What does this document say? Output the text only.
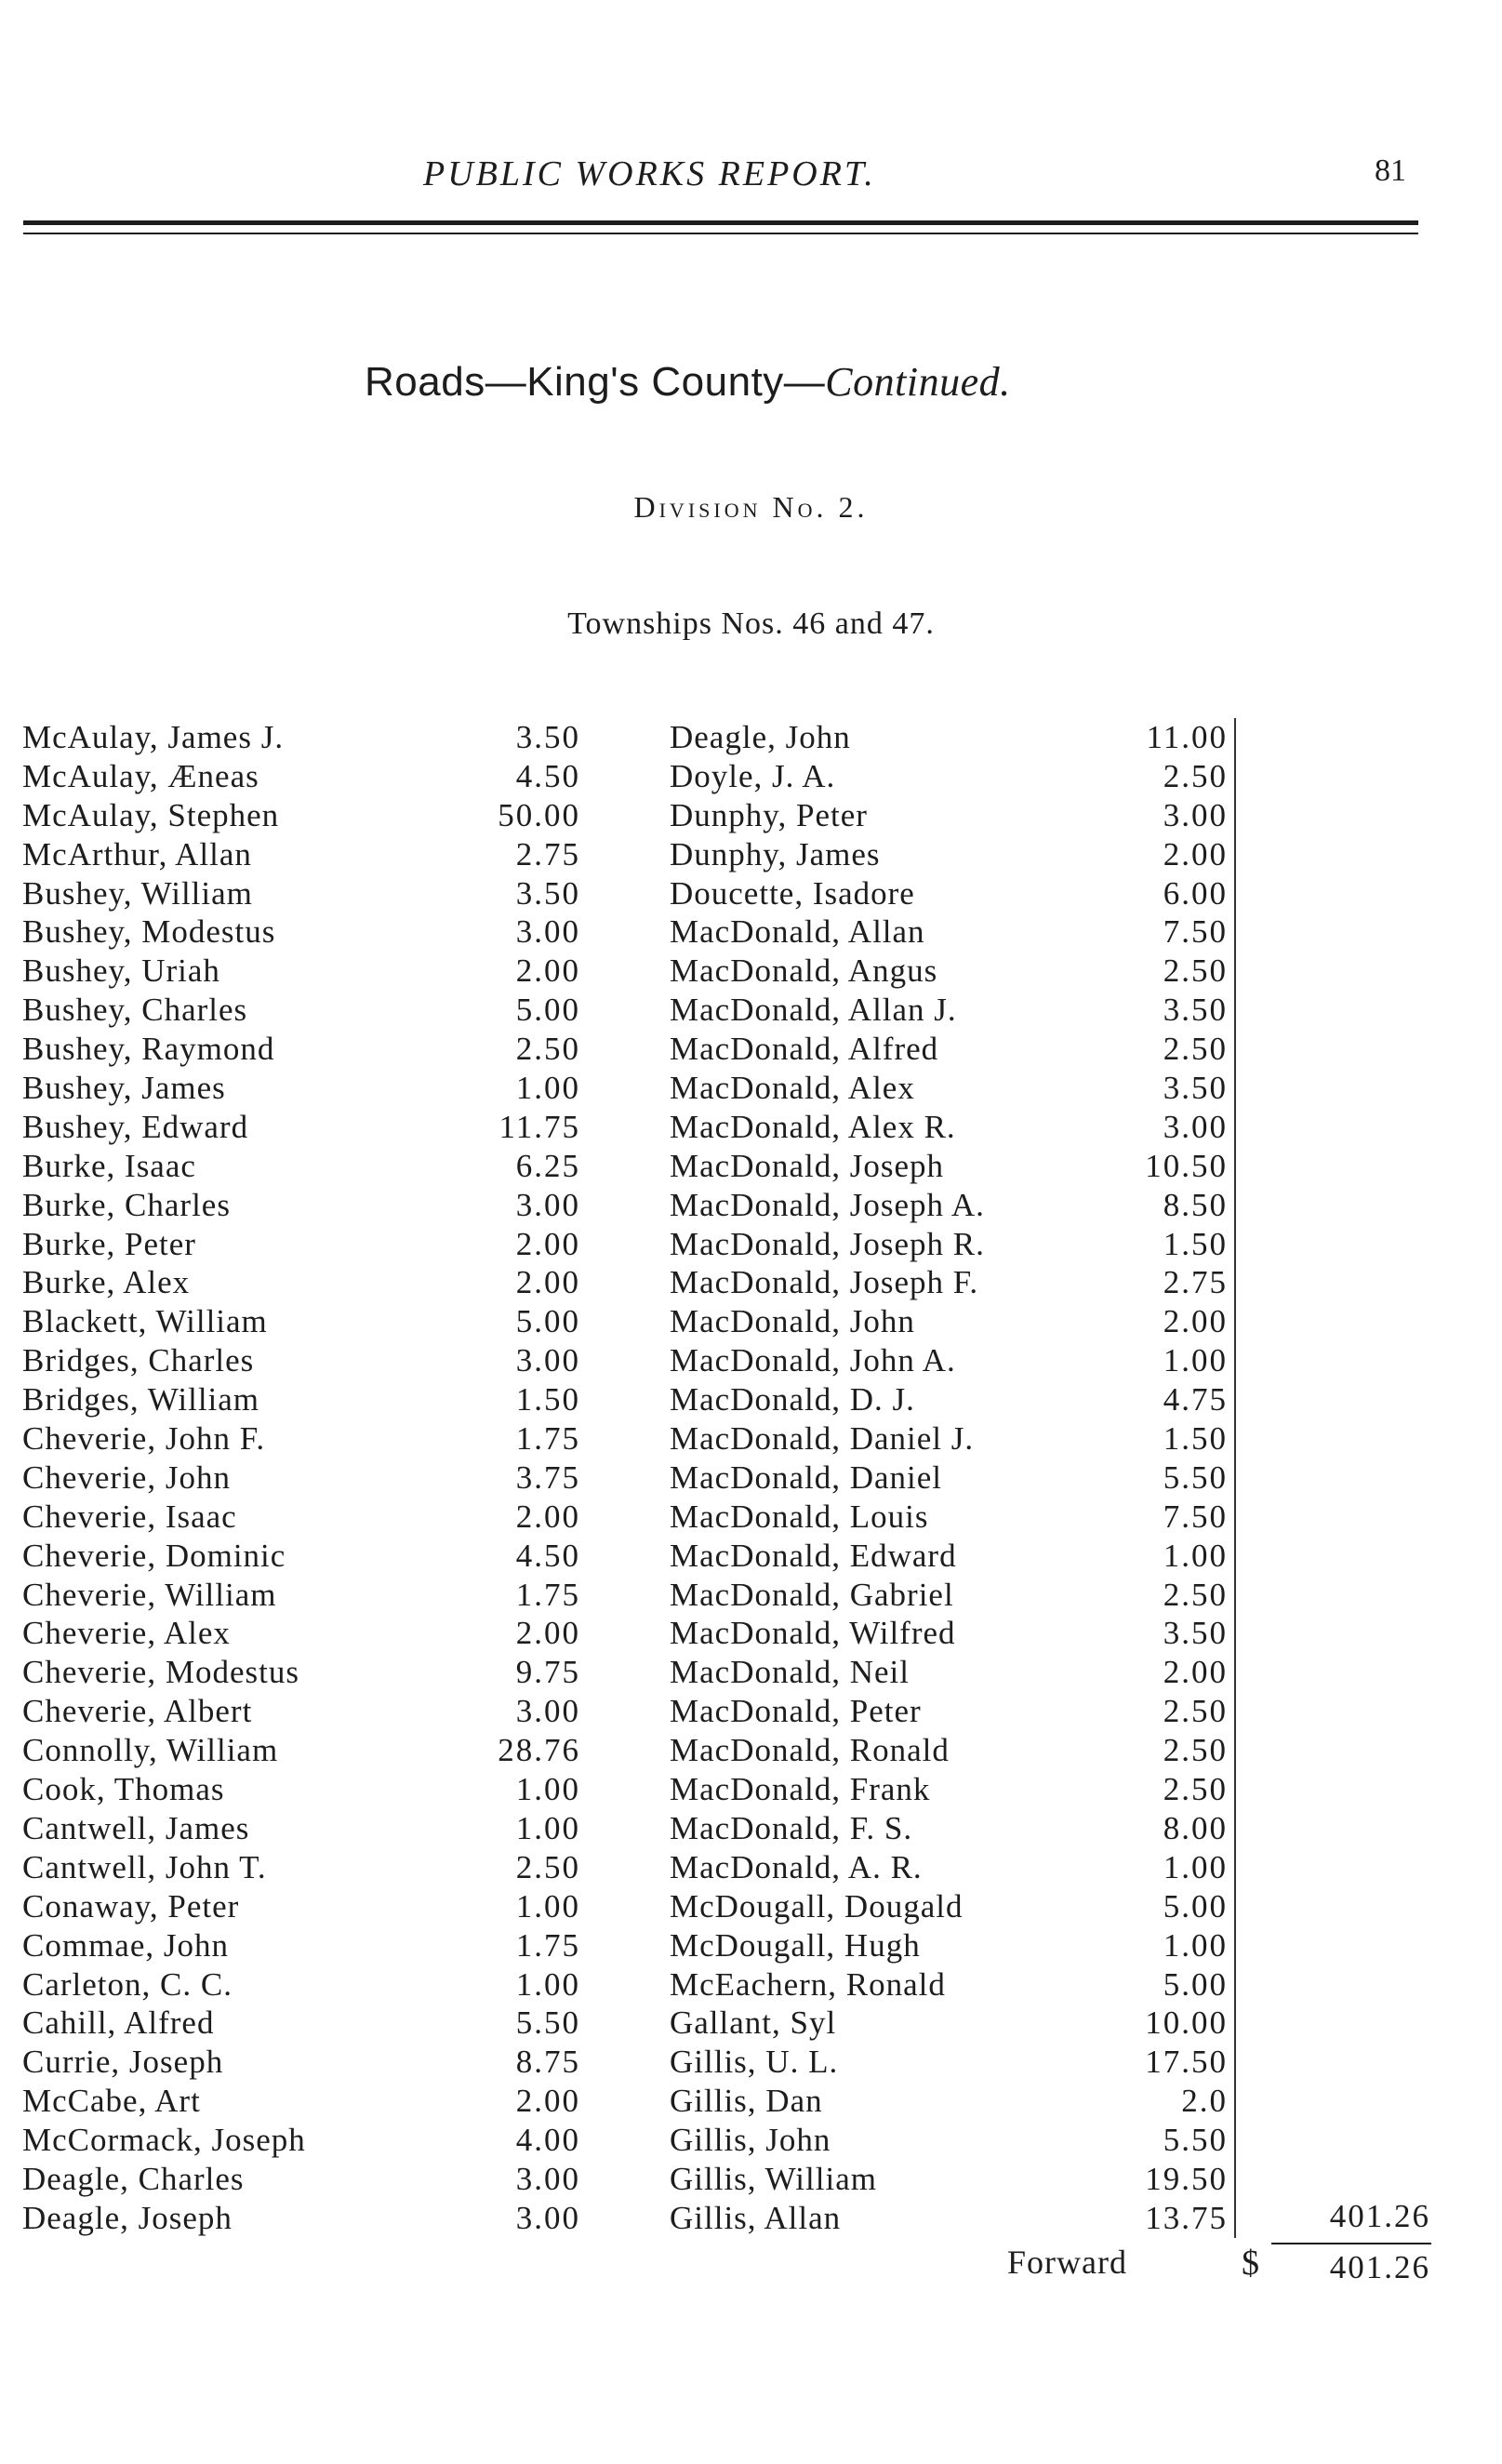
PUBLIC WORKS REPORT.	81
Roads—King's County—Continued.
Division No. 2.
Townships Nos. 46 and 47.
McAulay, James J.	3.50
McAulay, Æneas	4.50
McAulay, Stephen	50.00
McArthur, Allan	2.75
Bushey, William	3.50
Bushey, Modestus	3.00
Bushey, Uriah	2.00
Bushey, Charles	5.00
Bushey, Raymond	2.50
Bushey, James	1.00
Bushey, Edward	11.75
Burke, Isaac	6.25
Burke, Charles	3.00
Burke, Peter	2.00
Burke, Alex	2.00
Blackett, William	5.00
Bridges, Charles	3.00
Bridges, William	1.50
Cheverie, John F.	1.75
Cheverie, John	3.75
Cheverie, Isaac	2.00
Cheverie, Dominic	4.50
Cheverie, William	1.75
Cheverie, Alex	2.00
Cheverie, Modestus	9.75
Cheverie, Albert	3.00
Connolly, William	28.76
Cook, Thomas	1.00
Cantwell, James	1.00
Cantwell, John T.	2.50
Conaway, Peter	1.00
Commae, John	1.75
Carleton, C. C.	1.00
Cahill, Alfred	5.50
Currie, Joseph	8.75
McCabe, Art	2.00
McCormack, Joseph	4.00
Deagle, Charles	3.00
Deagle, Joseph	3.00
Deagle, John	11.00
Doyle, J. A.	2.50
Dunphy, Peter	3.00
Dunphy, James	2.00
Doucette, Isadore	6.00
MacDonald, Allan	7.50
MacDonald, Angus	2.50
MacDonald, Allan J.	3.50
MacDonald, Alfred	2.50
MacDonald, Alex	3.50
MacDonald, Alex R.	3.00
MacDonald, Joseph	10.50
MacDonald, Joseph A.	8.50
MacDonald, Joseph R.	1.50
MacDonald, Joseph F.	2.75
MacDonald, John	2.00
MacDonald, John A.	1.00
MacDonald, D. J.	4.75
MacDonald, Daniel J.	1.50
MacDonald, Daniel	5.50
MacDonald, Louis	7.50
MacDonald, Edward	1.00
MacDonald, Gabriel	2.50
MacDonald, Wilfred	3.50
MacDonald, Neil	2.00
MacDonald, Peter	2.50
MacDonald, Ronald	2.50
MacDonald, Frank	2.50
MacDonald, F. S.	8.00
MacDonald, A. R.	1.00
McDougall, Dougald	5.00
McDougall, Hugh	1.00
McEachern, Ronald	5.00
Gallant, Syl	10.00
Gillis, U. L.	17.50
Gillis, Dan	2.0
Gillis, John	5.50
Gillis, William	19.50
Gillis, Allan	13.75	401.26
Forward	$	401.26
